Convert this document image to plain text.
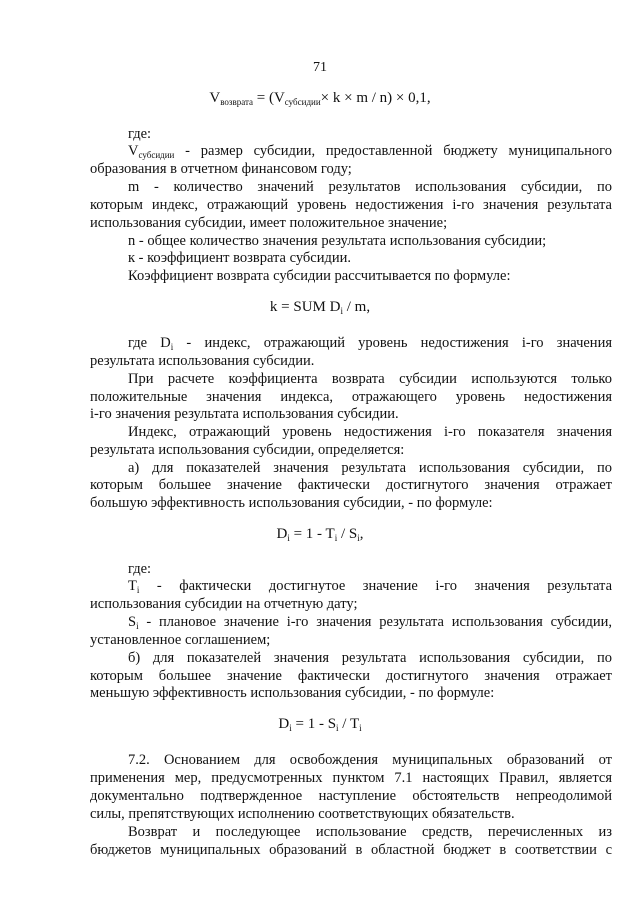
71
$V_{возврата} = (V_{субсидии}\times k \times m / n) \times 0,1$,
где:
$V_{субсидии}$ - размер субсидии, предоставленной бюджету муниципального
образования в отчетном финансовом году;
m - количество значений результатов использования субсидии, по
которым индекс, отражающий уровень недостижения i-го значения результата
использования субсидии, имеет положительное значение;
n - общее количество значения результата использования субсидии;
к - коэффициент возврата субсидии.
Коэффициент возврата субсидии рассчитывается по формуле:
k = SUM $D_i$ / m,
где $D_i$ - индекс, отражающий уровень недостижения i-го значения
результата использования субсидии.
При расчете коэффициента возврата субсидии используются только
положительные значения индекса, отражающего уровень недостижения
i-го значения результата использования субсидии.
Индекс, отражающий уровень недостижения i-го показателя значения
результата использования субсидии, определяется:
а) для показателей значения результата использования субсидии, по
которым большее значение фактически достигнутого значения отражает
большую эффективность использования субсидии, - по формуле:
$D_i = 1 - T_i / S_i$,
где:
$T_i$ - фактически достигнутое значение i-го значения результата
использования субсидии на отчетную дату;
$S_i$ - плановое значение i-го значения результата использования субсидии,
установленное соглашением;
б) для показателей значения результата использования субсидии, по
которым большее значение фактически достигнутого значения отражает
меньшую эффективность использования субсидии, - по формуле:
$D_i = 1 - S_i / T_i$
7.2. Основанием для освобождения муниципальных образований от
применения мер, предусмотренных пунктом 7.1 настоящих Правил, является
документально подтвержденное наступление обстоятельств непреодолимой
силы, препятствующих исполнению соответствующих обязательств.
Возврат и последующее использование средств, перечисленных из
бюджетов муниципальных образований в областной бюджет в соответствии с
